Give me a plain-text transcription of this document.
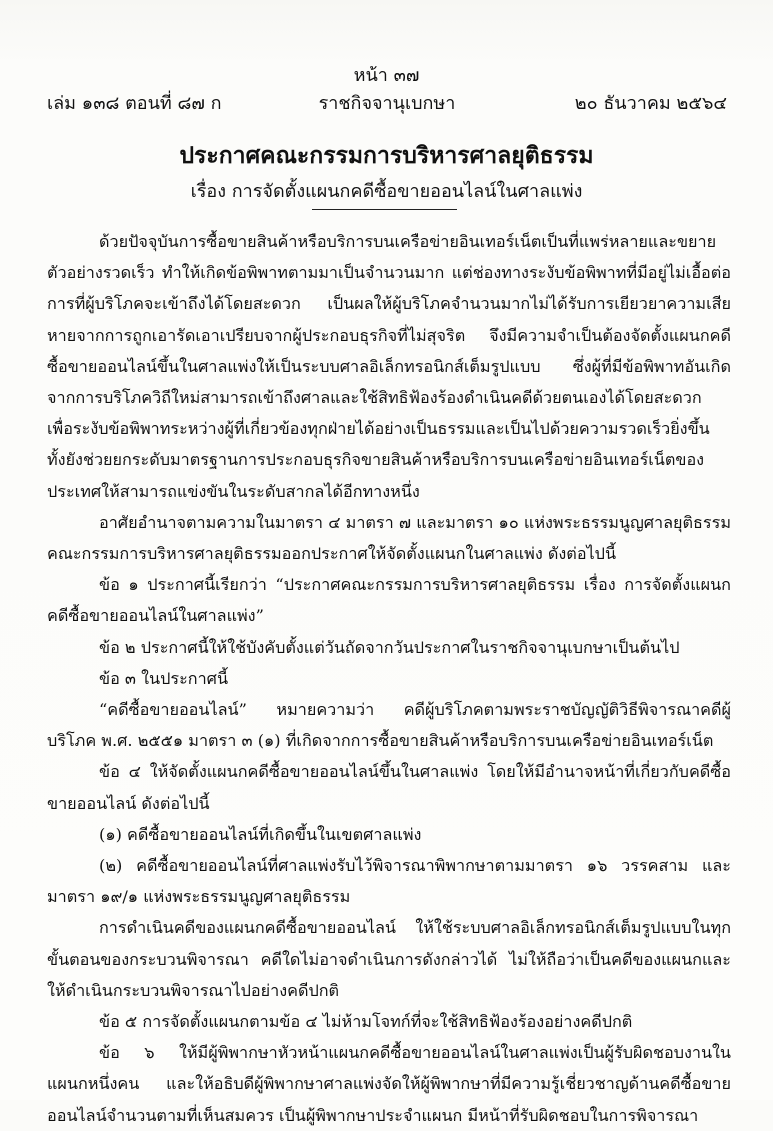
หน้า ๓๗
เล่ม ๑๓๘ ตอนที่ ๘๗ ก	ราชกิจจานุเบกษา	๒๐ ธันวาคม ๒๕๖๔
ประกาศคณะกรรมการบริหารศาลยุติธรรม
เรื่อง การจัดตั้งแผนกคดีซื้อขายออนไลน์ในศาลแพ่ง

ด้วยปัจจุบันการซื้อขายสินค้าหรือบริการบนเครือข่ายอินเทอร์เน็ตเป็นที่แพร่หลายและขยายตัวอย่างรวดเร็ว ทำให้เกิดข้อพิพาทตามมาเป็นจำนวนมาก แต่ช่องทางระงับข้อพิพาทที่มีอยู่ไม่เอื้อต่อการที่ผู้บริโภคจะเข้าถึงได้โดยสะดวก เป็นผลให้ผู้บริโภคจำนวนมากไม่ได้รับการเยียวยาความเสียหายจากการถูกเอารัดเอาเปรียบจากผู้ประกอบธุรกิจที่ไม่สุจริต จึงมีความจำเป็นต้องจัดตั้งแผนกคดีซื้อขายออนไลน์ขึ้นในศาลแพ่งให้เป็นระบบศาลอิเล็กทรอนิกส์เต็มรูปแบบ ซึ่งผู้ที่มีข้อพิพาทอันเกิดจากการบริโภควิถีใหม่สามารถเข้าถึงศาลและใช้สิทธิฟ้องร้องดำเนินคดีด้วยตนเองได้โดยสะดวก เพื่อระงับข้อพิพาทระหว่างผู้ที่เกี่ยวข้องทุกฝ่ายได้อย่างเป็นธรรมและเป็นไปด้วยความรวดเร็วยิ่งขึ้น ทั้งยังช่วยยกระดับมาตรฐานการประกอบธุรกิจขายสินค้าหรือบริการบนเครือข่ายอินเทอร์เน็ตของประเทศให้สามารถแข่งขันในระดับสากลได้อีกทางหนึ่ง

อาศัยอำนาจตามความในมาตรา ๔ มาตรา ๗ และมาตรา ๑๐ แห่งพระธรรมนูญศาลยุติธรรม คณะกรรมการบริหารศาลยุติธรรมออกประกาศให้จัดตั้งแผนกในศาลแพ่ง ดังต่อไปนี้

ข้อ ๑ ประกาศนี้เรียกว่า “ประกาศคณะกรรมการบริหารศาลยุติธรรม เรื่อง การจัดตั้งแผนกคดีซื้อขายออนไลน์ในศาลแพ่ง”

ข้อ ๒ ประกาศนี้ให้ใช้บังคับตั้งแต่วันถัดจากวันประกาศในราชกิจจานุเบกษาเป็นต้นไป

ข้อ ๓ ในประกาศนี้

“คดีซื้อขายออนไลน์” หมายความว่า คดีผู้บริโภคตามพระราชบัญญัติวิธีพิจารณาคดีผู้บริโภค พ.ศ. ๒๕๕๑ มาตรา ๓ (๑) ที่เกิดจากการซื้อขายสินค้าหรือบริการบนเครือข่ายอินเทอร์เน็ต

ข้อ ๔ ให้จัดตั้งแผนกคดีซื้อขายออนไลน์ขึ้นในศาลแพ่ง โดยให้มีอำนาจหน้าที่เกี่ยวกับคดีซื้อขายออนไลน์ ดังต่อไปนี้

(๑) คดีซื้อขายออนไลน์ที่เกิดขึ้นในเขตศาลแพ่ง

(๒) คดีซื้อขายออนไลน์ที่ศาลแพ่งรับไว้พิจารณาพิพากษาตามมาตรา ๑๖ วรรคสาม และมาตรา ๑๙/๑ แห่งพระธรรมนูญศาลยุติธรรม

การดำเนินคดีของแผนกคดีซื้อขายออนไลน์ ให้ใช้ระบบศาลอิเล็กทรอนิกส์เต็มรูปแบบในทุกขั้นตอนของกระบวนพิจารณา คดีใดไม่อาจดำเนินการดังกล่าวได้ ไม่ให้ถือว่าเป็นคดีของแผนกและให้ดำเนินกระบวนพิจารณาไปอย่างคดีปกติ

ข้อ ๕ การจัดตั้งแผนกตามข้อ ๔ ไม่ห้ามโจทก์ที่จะใช้สิทธิฟ้องร้องอย่างคดีปกติ

ข้อ ๖ ให้มีผู้พิพากษาหัวหน้าแผนกคดีซื้อขายออนไลน์ในศาลแพ่งเป็นผู้รับผิดชอบงานในแผนกหนึ่งคน และให้อธิบดีผู้พิพากษาศาลแพ่งจัดให้ผู้พิพากษาที่มีความรู้เชี่ยวชาญด้านคดีซื้อขายออนไลน์จำนวนตามที่เห็นสมควร เป็นผู้พิพากษาประจำแผนก มีหน้าที่รับผิดชอบในการพิจารณา
